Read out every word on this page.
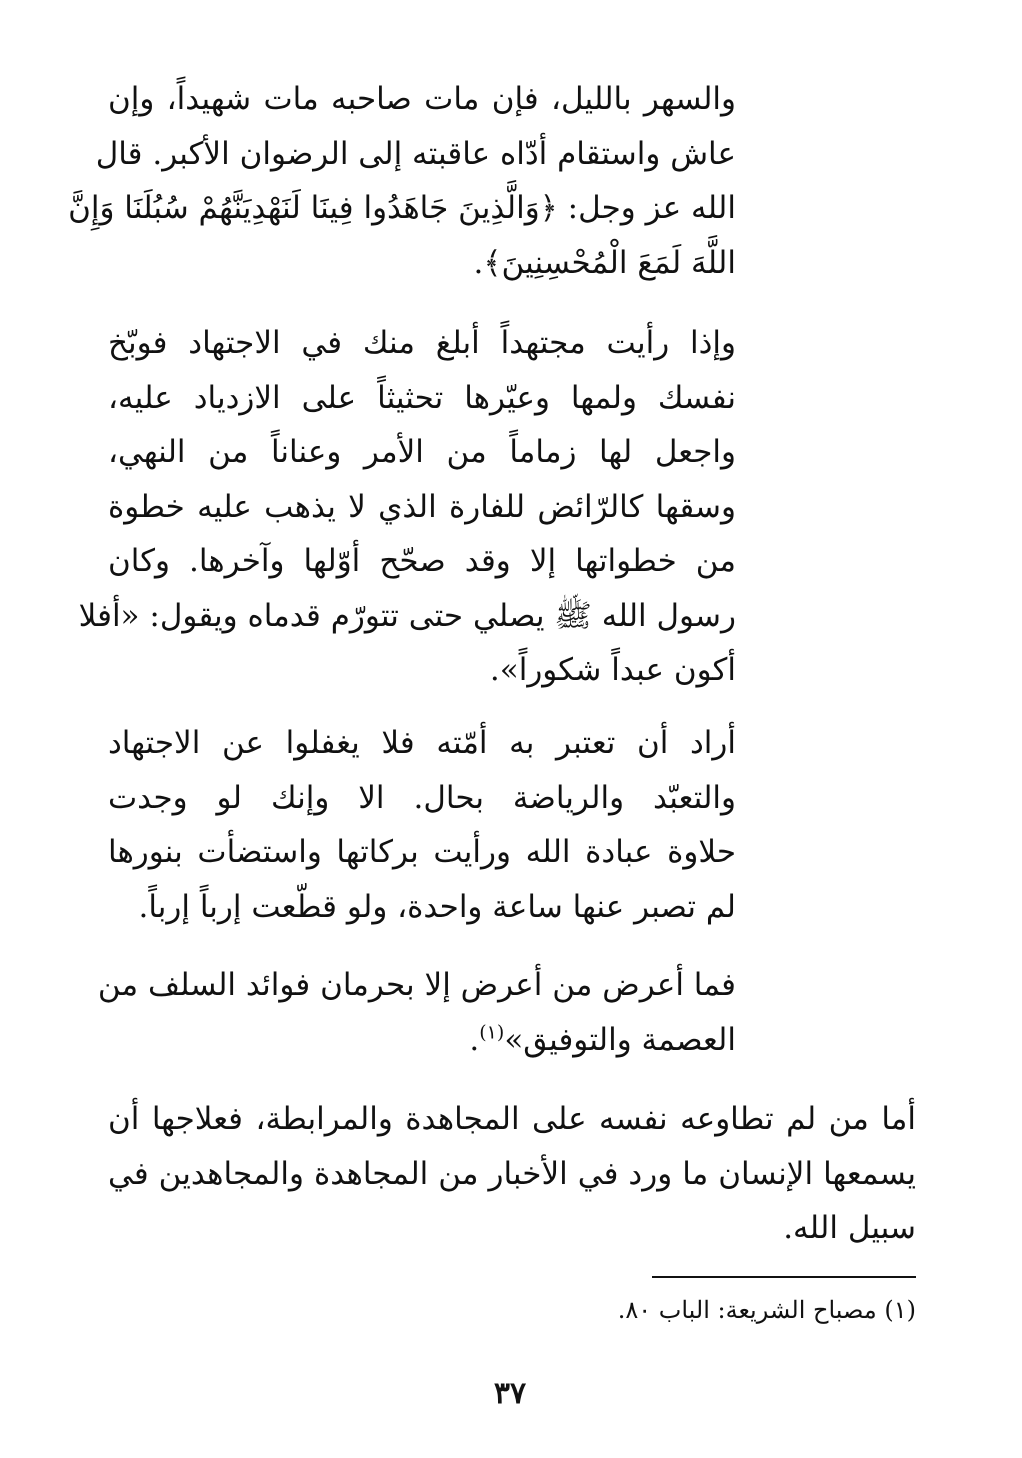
والسهر بالليل، فإن مات صاحبه مات شهيداً، وإن
عاش واستقام أدّاه عاقبته إلى الرضوان الأكبر. قال
الله عز وجل: ﴿وَالَّذِينَ جَاهَدُوا فِينَا لَنَهْدِيَنَّهُمْ سُبُلَنَا وَإِنَّ
اللَّهَ لَمَعَ الْمُحْسِنِينَ﴾.
وإذا رأيت مجتهداً أبلغ منك في الاجتهاد فوبّخ
نفسك ولمها وعيّرها تحثيثاً على الازدياد عليه،
واجعل لها زماماً من الأمر وعناناً من النهي،
وسقها كالرّائض للفارة الذي لا يذهب عليه خطوة
من خطواتها إلا وقد صحّح أوّلها وآخرها. وكان
رسول الله ﷺ يصلي حتى تتورّم قدماه ويقول: «أفلا
أكون عبداً شكوراً».
أراد أن تعتبر به أمّته فلا يغفلوا عن الاجتهاد
والتعبّد والرياضة بحال. الا وإنك لو وجدت
حلاوة عبادة الله ورأيت بركاتها واستضأت بنورها
لم تصبر عنها ساعة واحدة، ولو قطّعت إرباً إرباً.
فما أعرض من أعرض إلا بحرمان فوائد السلف من
العصمة والتوفيق»$^{(١)}$.
أما من لم تطاوعه نفسه على المجاهدة والمرابطة، فعلاجها أن
يسمعها الإنسان ما ورد في الأخبار من المجاهدة والمجاهدين في
سبيل الله.
(١) مصباح الشريعة: الباب ٨٠.
٣٧
